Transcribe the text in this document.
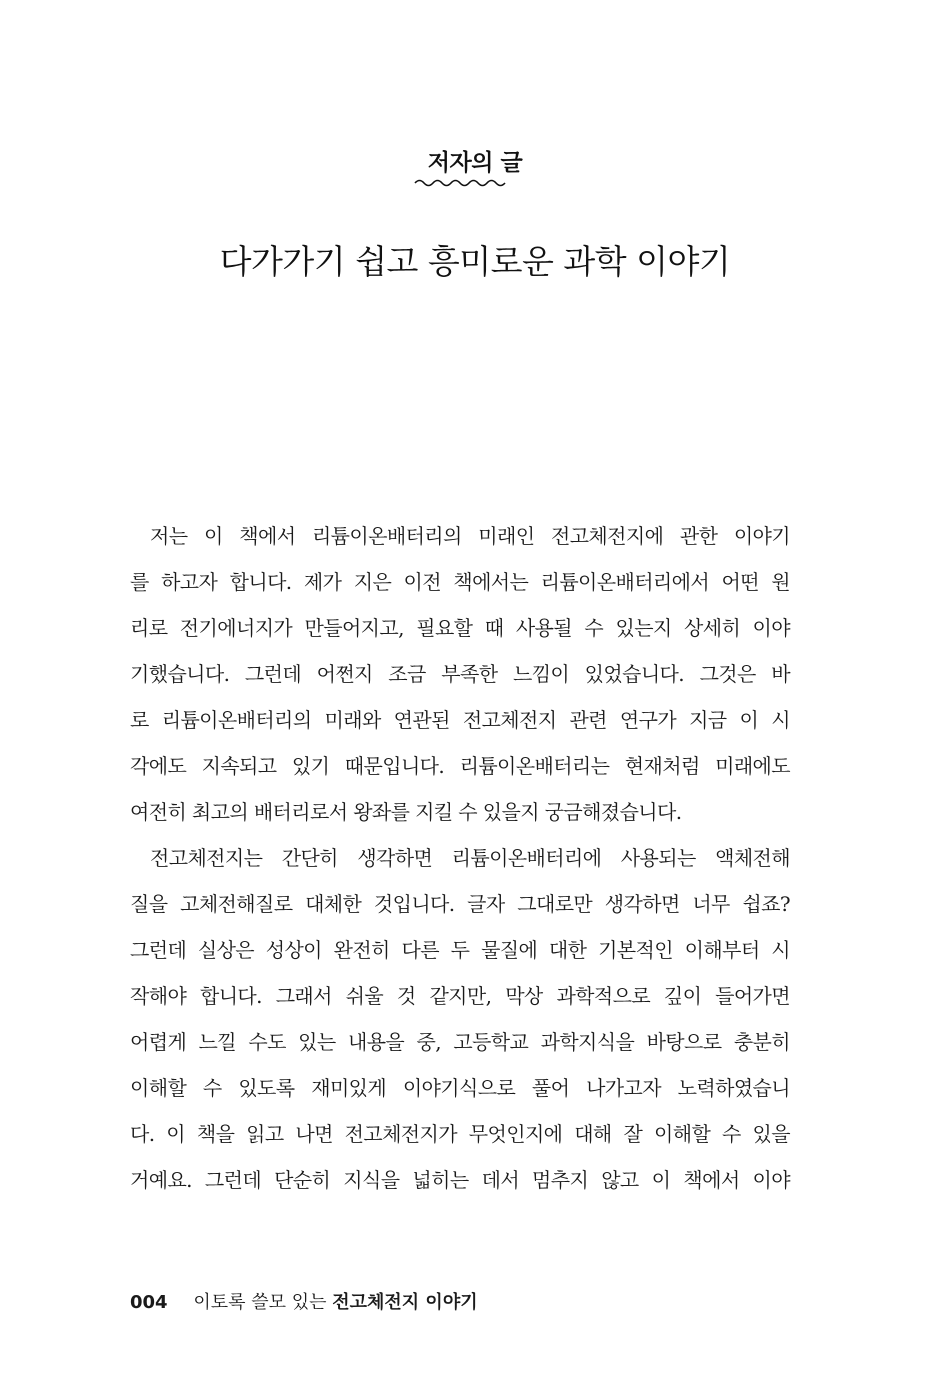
저자의 글
다가가기 쉽고 흥미로운 과학 이야기
저는 이 책에서 리튬이온배터리의 미래인 전고체전지에 관한 이야기
를 하고자 합니다. 제가 지은 이전 책에서는 리튬이온배터리에서 어떤 원
리로 전기에너지가 만들어지고, 필요할 때 사용될 수 있는지 상세히 이야
기했습니다. 그런데 어쩐지 조금 부족한 느낌이 있었습니다. 그것은 바
로 리튬이온배터리의 미래와 연관된 전고체전지 관련 연구가 지금 이 시
각에도 지속되고 있기 때문입니다. 리튬이온배터리는 현재처럼 미래에도
여전히 최고의 배터리로서 왕좌를 지킬 수 있을지 궁금해졌습니다.
전고체전지는 간단히 생각하면 리튬이온배터리에 사용되는 액체전해
질을 고체전해질로 대체한 것입니다. 글자 그대로만 생각하면 너무 쉽죠?
그런데 실상은 성상이 완전히 다른 두 물질에 대한 기본적인 이해부터 시
작해야 합니다. 그래서 쉬울 것 같지만, 막상 과학적으로 깊이 들어가면
어렵게 느낄 수도 있는 내용을 중, 고등학교 과학지식을 바탕으로 충분히
이해할 수 있도록 재미있게 이야기식으로 풀어 나가고자 노력하였습니
다. 이 책을 읽고 나면 전고체전지가 무엇인지에 대해 잘 이해할 수 있을
거예요. 그런데 단순히 지식을 넓히는 데서 멈추지 않고 이 책에서 이야
004 이토록 쓸모 있는 전고체전지 이야기
